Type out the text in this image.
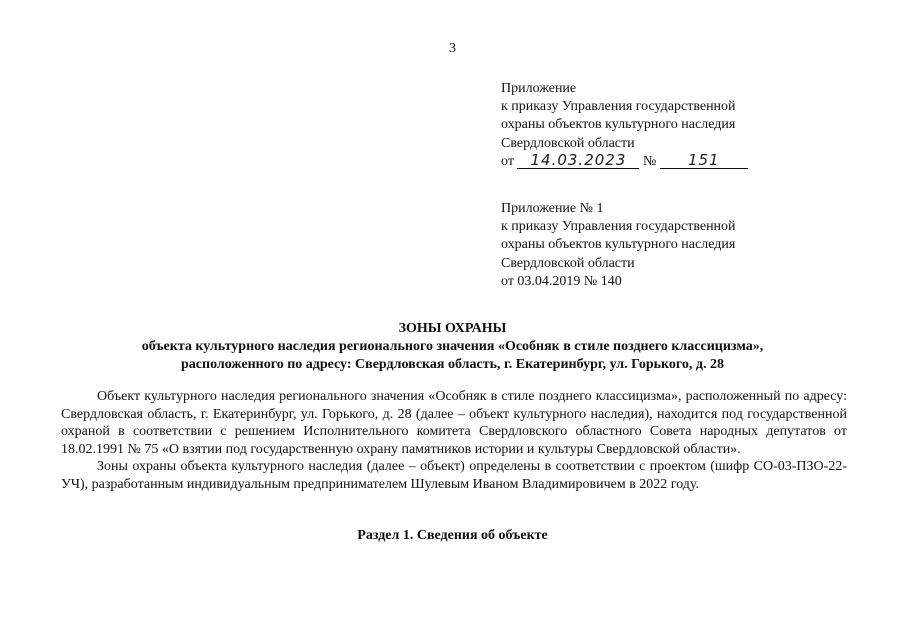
3
Приложение
к приказу Управления государственной
охраны объектов культурного наследия
Свердловской области
от 14.03.2023 № 151
Приложение № 1
к приказу Управления государственной
охраны объектов культурного наследия
Свердловской области
от 03.04.2019 № 140
ЗОНЫ ОХРАНЫ
объекта культурного наследия регионального значения «Особняк в стиле позднего классицизма»,
расположенного по адресу: Свердловская область, г. Екатеринбург, ул. Горького, д. 28

Объект культурного наследия регионального значения «Особняк в стиле позднего классицизма», расположенный по адресу: Свердловская область, г. Екатеринбург, ул. Горького, д. 28 (далее – объект культурного наследия), находится под государственной охраной в соответствии с решением Исполнительного комитета Свердловского областного Совета народных депутатов от 18.02.1991 № 75 «О взятии под государственную охрану памятников истории и культуры Свердловской области».

Зоны охраны объекта культурного наследия (далее – объект) определены в соответствии с проектом (шифр СО-03-ПЗО-22-УЧ), разработанным индивидуальным предпринимателем Шулевым Иваном Владимировичем в 2022 году.

Раздел 1. Сведения об объекте
